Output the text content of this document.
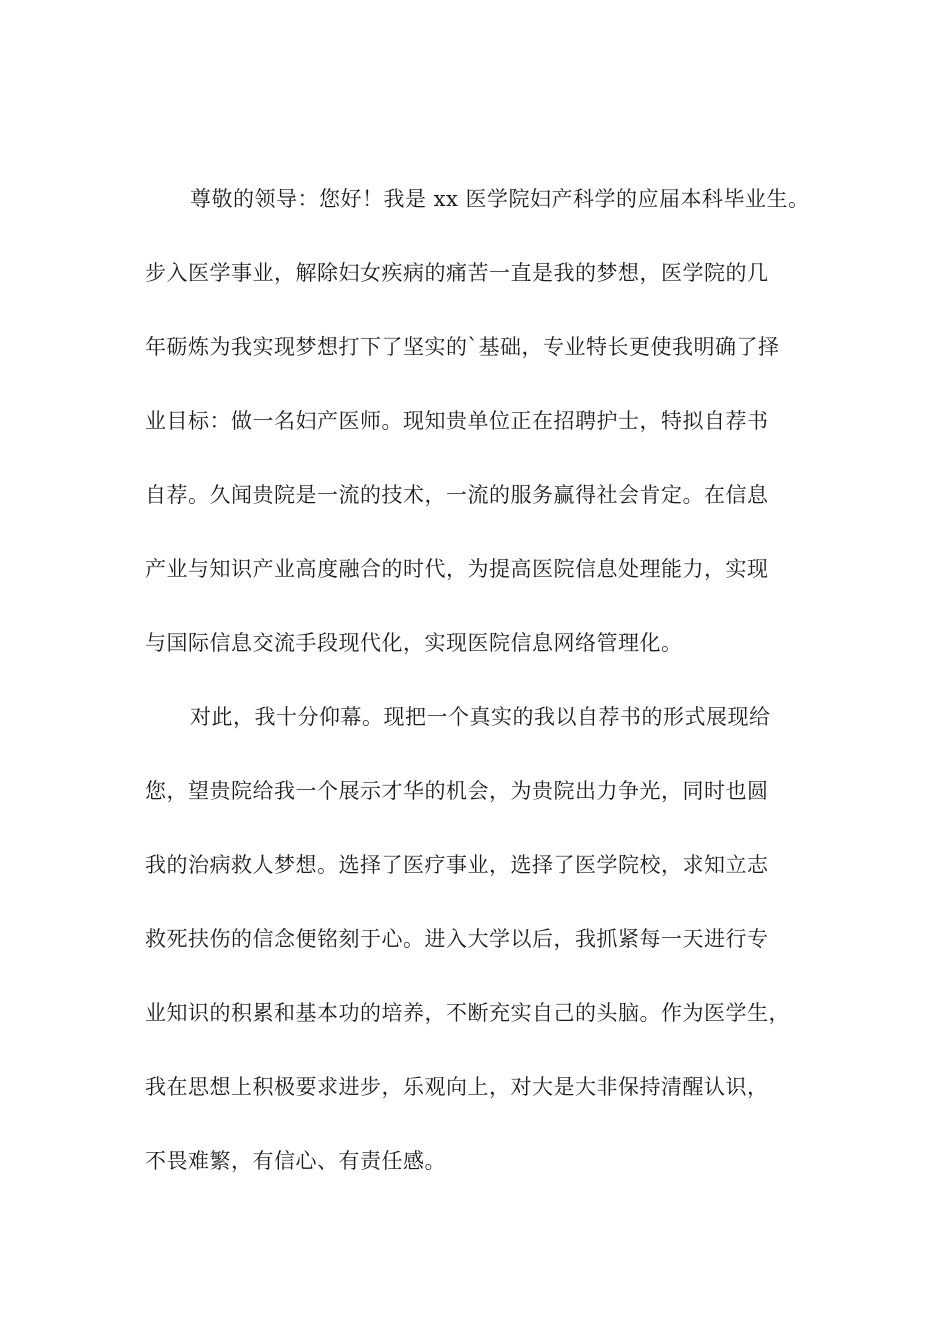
尊敬的领导：您好！我是 xx 医学院妇产科学的应届本科毕业生。
步入医学事业，解除妇女疾病的痛苦一直是我的梦想，医学院的几
年砺炼为我实现梦想打下了坚实的`基础，专业特长更使我明确了择
业目标：做一名妇产医师。现知贵单位正在招聘护士，特拟自荐书
自荐。久闻贵院是一流的技术，一流的服务赢得社会肯定。在信息
产业与知识产业高度融合的时代，为提高医院信息处理能力，实现
与国际信息交流手段现代化，实现医院信息网络管理化。
对此，我十分仰幕。现把一个真实的我以自荐书的形式展现给
您，望贵院给我一个展示才华的机会，为贵院出力争光，同时也圆
我的治病救人梦想。选择了医疗事业，选择了医学院校，求知立志
救死扶伤的信念便铭刻于心。进入大学以后，我抓紧每一天进行专
业知识的积累和基本功的培养，不断充实自己的头脑。作为医学生，
我在思想上积极要求进步，乐观向上，对大是大非保持清醒认识，
不畏难繁，有信心、有责任感。
